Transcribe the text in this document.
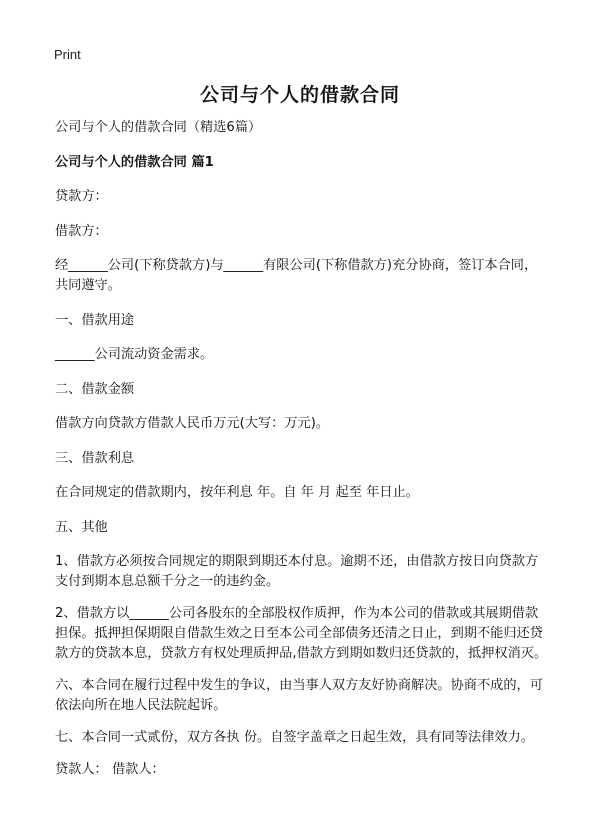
Print
公司与个人的借款合同

公司与个人的借款合同（精选6篇）

公司与个人的借款合同 篇1

贷款方：

借款方：

经______公司(下称贷款方)与______有限公司(下称借款方)充分协商，签订本合同，共同遵守。

一、借款用途

______公司流动资金需求。

二、借款金额

借款方向贷款方借款人民币万元(大写：万元)。

三、借款利息

在合同规定的借款期内，按年利息 年。自 年 月 起至 年日止。

五、其他

1、借款方必须按合同规定的期限到期还本付息。逾期不还，由借款方按日向贷款方支付到期本息总额千分之一的违约金。

2、借款方以______公司各股东的全部股权作质押，作为本公司的借款或其展期借款担保。抵押担保期限自借款生效之日至本公司全部债务还清之日止，到期不能归还贷款方的贷款本息，贷款方有权处理质押品,借款方到期如数归还贷款的，抵押权消灭。

六、本合同在履行过程中发生的争议，由当事人双方友好协商解决。协商不成的，可依法向所在地人民法院起诉。

七、本合同一式贰份，双方各执 份。自签字盖章之日起生效，具有同等法律效力。

贷款人： 借款人：
